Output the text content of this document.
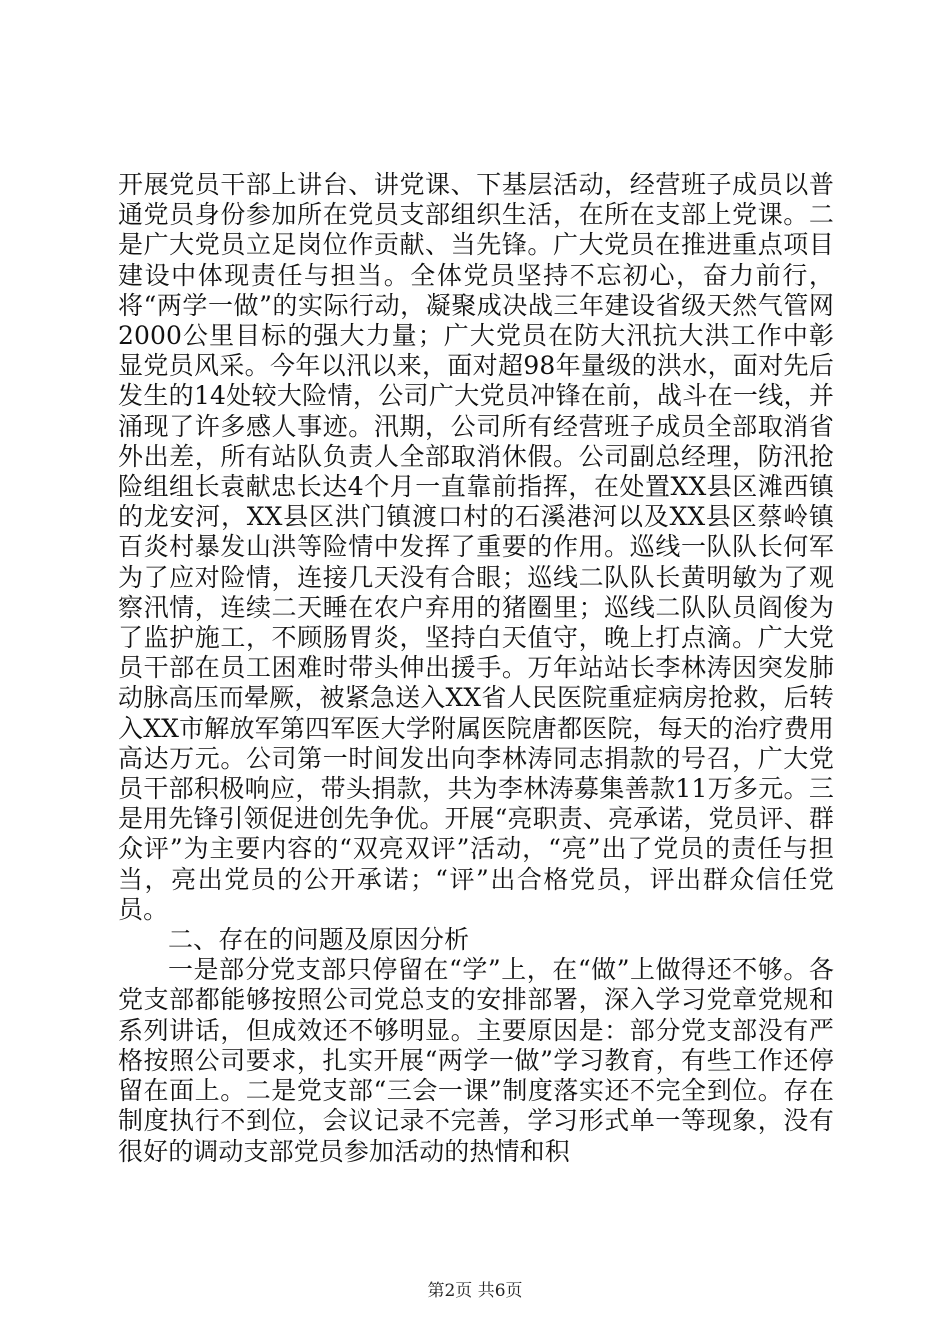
开展党员干部上讲台、讲党课、下基层活动，经营班子成员以普通党员身份参加所在党员支部组织生活，在所在支部上党课。二是广大党员立足岗位作贡献、当先锋。广大党员在推进重点项目建设中体现责任与担当。全体党员坚持不忘初心，奋力前行，将“两学一做”的实际行动，凝聚成决战三年建设省级天然气管网2000公里目标的强大力量；广大党员在防大汛抗大洪工作中彰显党员风采。今年以汛以来，面对超98年量级的洪水，面对先后发生的14处较大险情，公司广大党员冲锋在前，战斗在一线，并涌现了许多感人事迹。汛期，公司所有经营班子成员全部取消省外出差，所有站队负责人全部取消休假。公司副总经理，防汛抢险组组长袁献忠长达4个月一直靠前指挥，在处置XX县区滩西镇的龙安河，XX县区洪门镇渡口村的石溪港河以及XX县区蔡岭镇百炎村暴发山洪等险情中发挥了重要的作用。巡线一队队长何军为了应对险情，连接几天没有合眼；巡线二队队长黄明敏为了观察汛情，连续二天睡在农户弃用的猪圈里；巡线二队队员阎俊为了监护施工，不顾肠胃炎，坚持白天值守，晚上打点滴。广大党员干部在员工困难时带头伸出援手。万年站站长李林涛因突发肺动脉高压而晕厥，被紧急送入XX省人民医院重症病房抢救，后转入XX市解放军第四军医大学附属医院唐都医院，每天的治疗费用高达万元。公司第一时间发出向李林涛同志捐款的号召，广大党员干部积极响应，带头捐款，共为李林涛募集善款11万多元。三是用先锋引领促进创先争优。开展“亮职责、亮承诺，党员评、群众评”为主要内容的“双亮双评”活动，“亮”出了党员的责任与担当，亮出党员的公开承诺；“评”出合格党员，评出群众信任党员。

二、存在的问题及原因分析

一是部分党支部只停留在“学”上，在“做”上做得还不够。各党支部都能够按照公司党总支的安排部署，深入学习党章党规和系列讲话，但成效还不够明显。主要原因是：部分党支部没有严格按照公司要求，扎实开展“两学一做”学习教育，有些工作还停留在面上。二是党支部“三会一课”制度落实还不完全到位。存在制度执行不到位，会议记录不完善，学习形式单一等现象，没有很好的调动支部党员参加活动的热情和积

第2页 共6页
